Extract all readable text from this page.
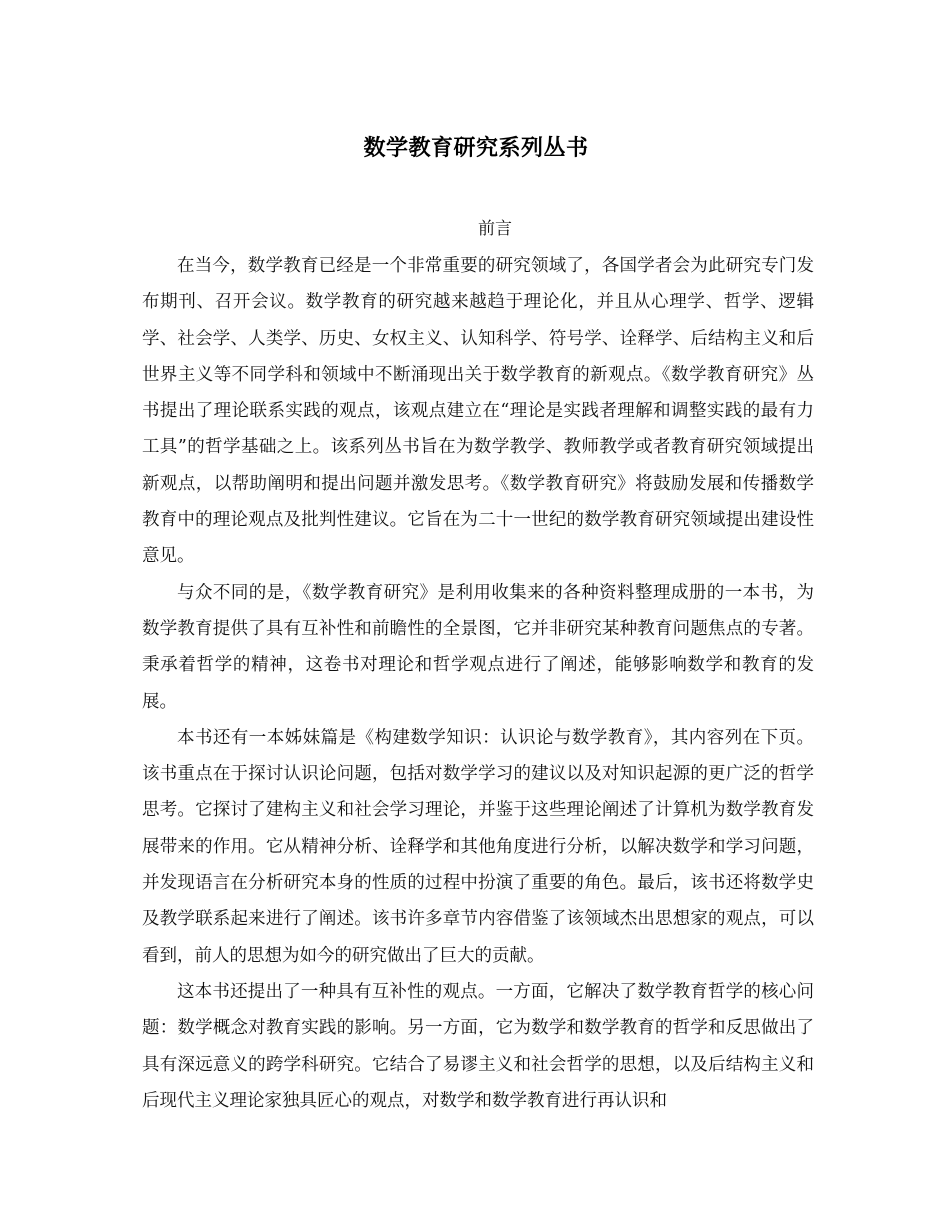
数学教育研究系列丛书
前言

在当今，数学教育已经是一个非常重要的研究领域了，各国学者会为此研究专门发布期刊、召开会议。数学教育的研究越来越趋于理论化，并且从心理学、哲学、逻辑学、社会学、人类学、历史、女权主义、认知科学、符号学、诠释学、后结构主义和后世界主义等不同学科和领域中不断涌现出关于数学教育的新观点。《数学教育研究》丛书提出了理论联系实践的观点，该观点建立在“理论是实践者理解和调整实践的最有力工具”的哲学基础之上。该系列丛书旨在为数学教学、教师教学或者教育研究领域提出新观点，以帮助阐明和提出问题并激发思考。《数学教育研究》将鼓励发展和传播数学教育中的理论观点及批判性建议。它旨在为二十一世纪的数学教育研究领域提出建设性意见。

与众不同的是，《数学教育研究》是利用收集来的各种资料整理成册的一本书，为数学教育提供了具有互补性和前瞻性的全景图，它并非研究某种教育问题焦点的专著。秉承着哲学的精神，这卷书对理论和哲学观点进行了阐述，能够影响数学和教育的发展。

本书还有一本姊妹篇是《构建数学知识：认识论与数学教育》，其内容列在下页。该书重点在于探讨认识论问题，包括对数学学习的建议以及对知识起源的更广泛的哲学思考。它探讨了建构主义和社会学习理论，并鉴于这些理论阐述了计算机为数学教育发展带来的作用。它从精神分析、诠释学和其他角度进行分析，以解决数学和学习问题，并发现语言在分析研究本身的性质的过程中扮演了重要的角色。最后，该书还将数学史及教学联系起来进行了阐述。该书许多章节内容借鉴了该领域杰出思想家的观点，可以看到，前人的思想为如今的研究做出了巨大的贡献。

这本书还提出了一种具有互补性的观点。一方面，它解决了数学教育哲学的核心问题：数学概念对教育实践的影响。另一方面，它为数学和数学教育的哲学和反思做出了具有深远意义的跨学科研究。它结合了易谬主义和社会哲学的思想，以及后结构主义和后现代主义理论家独具匠心的观点，对数学和数学教育进行再认识和
